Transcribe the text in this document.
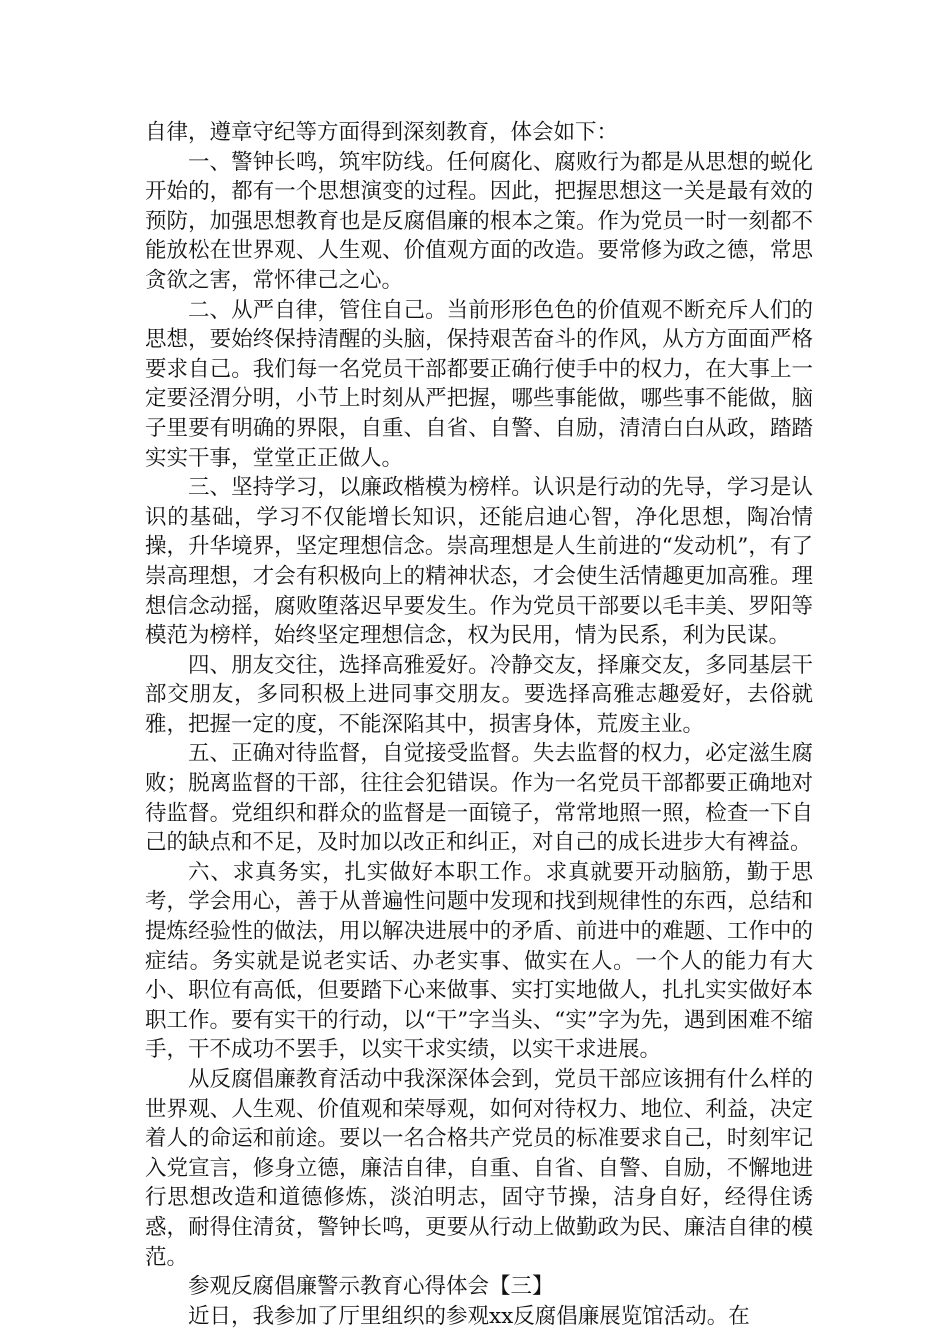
自律，遵章守纪等方面得到深刻教育，体会如下：

一、警钟长鸣，筑牢防线。任何腐化、腐败行为都是从思想的蜕化开始的，都有一个思想演变的过程。因此，把握思想这一关是最有效的预防，加强思想教育也是反腐倡廉的根本之策。作为党员一时一刻都不能放松在世界观、人生观、价值观方面的改造。要常修为政之德，常思贪欲之害，常怀律己之心。

二、从严自律，管住自己。当前形形色色的价值观不断充斥人们的思想，要始终保持清醒的头脑，保持艰苦奋斗的作风，从方方面面严格要求自己。我们每一名党员干部都要正确行使手中的权力，在大事上一定要泾渭分明，小节上时刻从严把握，哪些事能做，哪些事不能做，脑子里要有明确的界限，自重、自省、自警、自励，清清白白从政，踏踏实实干事，堂堂正正做人。

三、坚持学习，以廉政楷模为榜样。认识是行动的先导，学习是认识的基础，学习不仅能增长知识，还能启迪心智，净化思想，陶冶情操，升华境界，坚定理想信念。崇高理想是人生前进的“发动机”，有了崇高理想，才会有积极向上的精神状态，才会使生活情趣更加高雅。理想信念动摇，腐败堕落迟早要发生。作为党员干部要以毛丰美、罗阳等模范为榜样，始终坚定理想信念，权为民用，情为民系，利为民谋。

四、朋友交往，选择高雅爱好。冷静交友，择廉交友，多同基层干部交朋友，多同积极上进同事交朋友。要选择高雅志趣爱好，去俗就雅，把握一定的度，不能深陷其中，损害身体，荒废主业。

五、正确对待监督，自觉接受监督。失去监督的权力，必定滋生腐败；脱离监督的干部，往往会犯错误。作为一名党员干部都要正确地对待监督。党组织和群众的监督是一面镜子，常常地照一照，检查一下自己的缺点和不足，及时加以改正和纠正，对自己的成长进步大有裨益。

六、求真务实，扎实做好本职工作。求真就要开动脑筋，勤于思考，学会用心，善于从普遍性问题中发现和找到规律性的东西，总结和提炼经验性的做法，用以解决进展中的矛盾、前进中的难题、工作中的症结。务实就是说老实话、办老实事、做实在人。一个人的能力有大小、职位有高低，但要踏下心来做事、实打实地做人，扎扎实实做好本职工作。要有实干的行动，以“干”字当头、“实”字为先，遇到困难不缩手，干不成功不罢手，以实干求实绩，以实干求进展。

从反腐倡廉教育活动中我深深体会到，党员干部应该拥有什么样的世界观、人生观、价值观和荣辱观，如何对待权力、地位、利益，决定着人的命运和前途。要以一名合格共产党员的标准要求自己，时刻牢记入党宣言，修身立德，廉洁自律，自重、自省、自警、自励，不懈地进行思想改造和道德修炼，淡泊明志，固守节操，洁身自好，经得住诱惑，耐得住清贫，警钟长鸣，更要从行动上做勤政为民、廉洁自律的模范。

参观反腐倡廉警示教育心得体会【三】

近日，我参加了厅里组织的参观xx反腐倡廉展览馆活动。在
